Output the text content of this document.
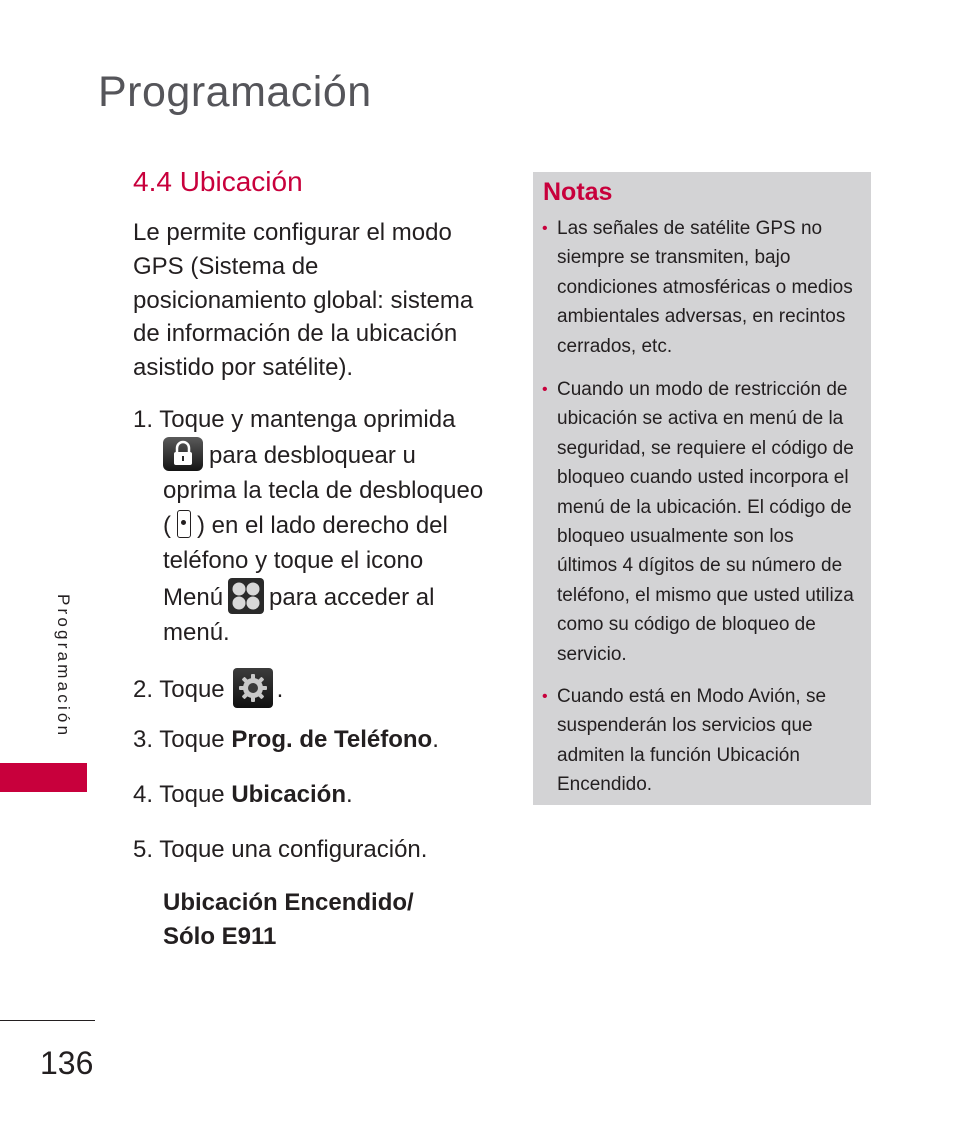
Programación
4.4 Ubicación
Le permite configurar el modo
GPS (Sistema de
posicionamiento global: sistema
de información de la ubicación
asistido por satélite).
1. Toque y mantenga oprimida
para desbloquear u
oprima la tecla de desbloqueo
( ) en el lado derecho del
teléfono y toque el icono
Menú para acceder al
menú.
2. Toque .
3. Toque Prog. de Teléfono.
4. Toque Ubicación.
5. Toque una configuración.
Ubicación Encendido/
Sólo E911
Notas
• Las señales de satélite GPS no
siempre se transmiten, bajo
condiciones atmosféricas o medios
ambientales adversas, en recintos
cerrados, etc.
• Cuando un modo de restricción de
ubicación se activa en menú de la
seguridad, se requiere el código de
bloqueo cuando usted incorpora el
menú de la ubicación. El código de
bloqueo usualmente son los
últimos 4 dígitos de su número de
teléfono, el mismo que usted utiliza
como su código de bloqueo de
servicio.
• Cuando está en Modo Avión, se
suspenderán los servicios que
admiten la función Ubicación
Encendido.
Programación
136
